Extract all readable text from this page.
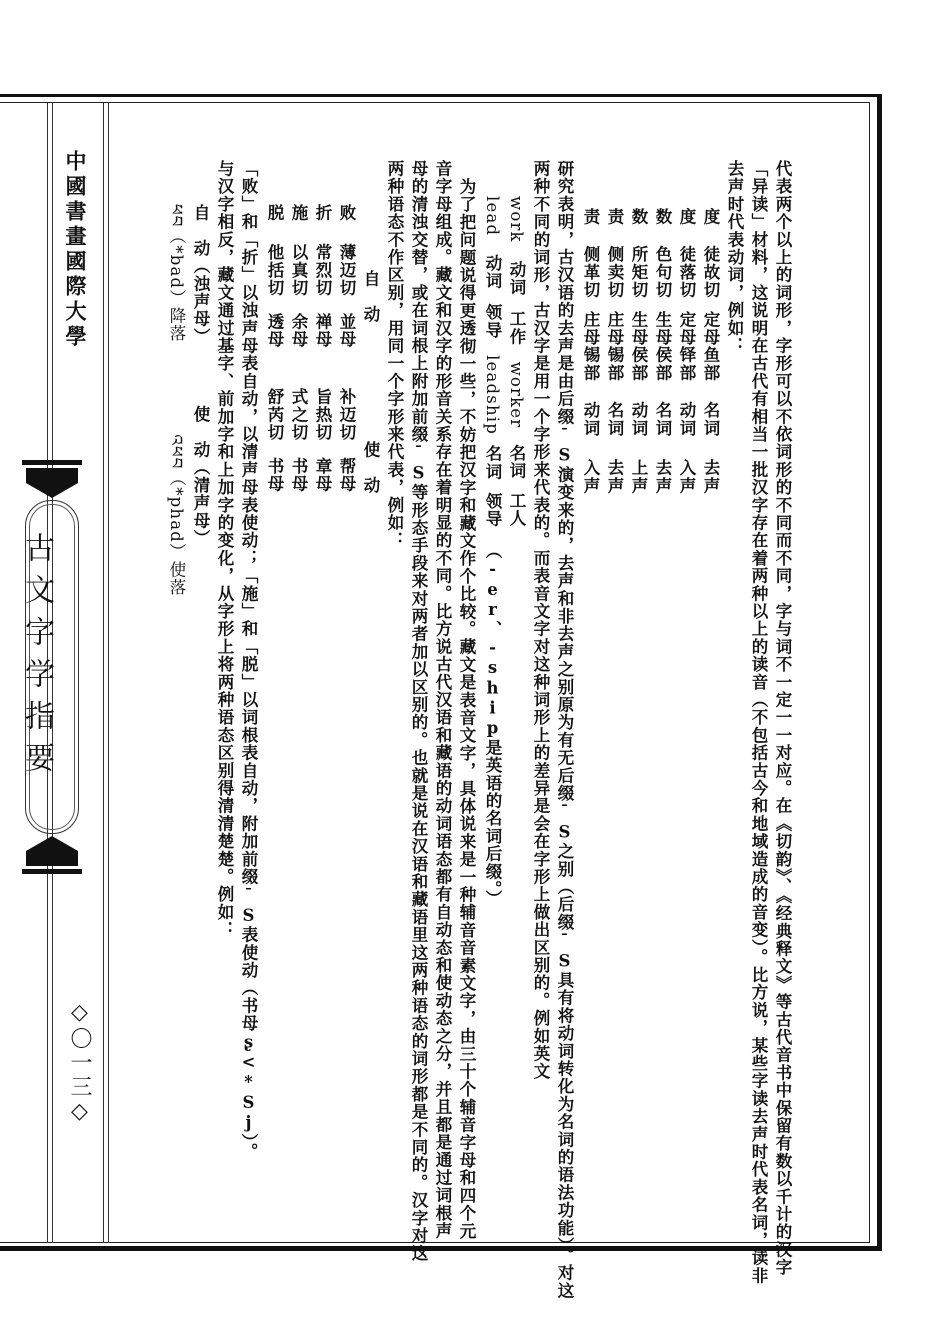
中國書畫國際大學
古文字学指要
◇〇一三◇	代表两个以上的词形，字形可以不依词形的不同而不同，字与词不一定一一对应。在《切韵》、《经典释文》等古代音书中保留有数以千计的汉字
「异读」材料，这说明在古代有相当一批汉字存在着两种以上的读音（不包括古今和地域造成的音变）。比方说，某些字读去声时代表名词，读非
去声时代表动词，例如：
度徒故切定母鱼部名词去声
度徒落切定母铎部动词入声
数色句切生母侯部名词去声
数所矩切生母侯部动词上声
责侧卖切庄母锡部名词去声
责侧革切庄母锡部动词入声
研究表明，古汉语的去声是由后缀ˉS演变来的，去声和非去声之别原为有无后缀ˉS之别（后缀ˉS具有将动词转化为名词的语法功能）。对这
两种不同的词形，古汉字是用一个字形来代表的。而表音文字对这种词形上的差异是会在字形上做出区别的。例如英文
work动词工作worker名词工人
lead动词领导leadship名词领导（-er、-ship是英语的名词后缀。）
为了把问题说得更透彻一些，不妨把汉字和藏文作个比较。藏文是表音文字，具体说来是一种辅音音素文字，由三十个辅音字母和四个元
音字母组成。藏文和汉字的形音关系存在着明显的不同。比方说古代汉语和藏语的动词语态都有自动态和使动态之分，并且都是通过词根声
母的清浊交替，或在词根上附加前缀ˉS等形态手段来对两者加以区别的。也就是说在汉语和藏语里这两种语态的词形都是不同的。汉字对这
两种语态不作区别，用同一个字形来代表，例如：
自　动使　动
败薄迈切並母补迈切帮母
折常烈切禅母旨热切章母
施以真切余母式之切书母
脱他括切透母舒芮切书母
「败」和「折」以浊声母表自动，以清声母表使动；「施」和「脱」以词根表自动，附加前缀ˉS表使动（书母ʂ<*Sj）。
与汉字相反，藏文通过基字、前加字和上加字的变化，从字形上将两种语态区别得清清楚楚。例如：
自　动（浊声母）使　动（清声母）
ཕབ（*bad）降落འཕབ（*phad）使落
